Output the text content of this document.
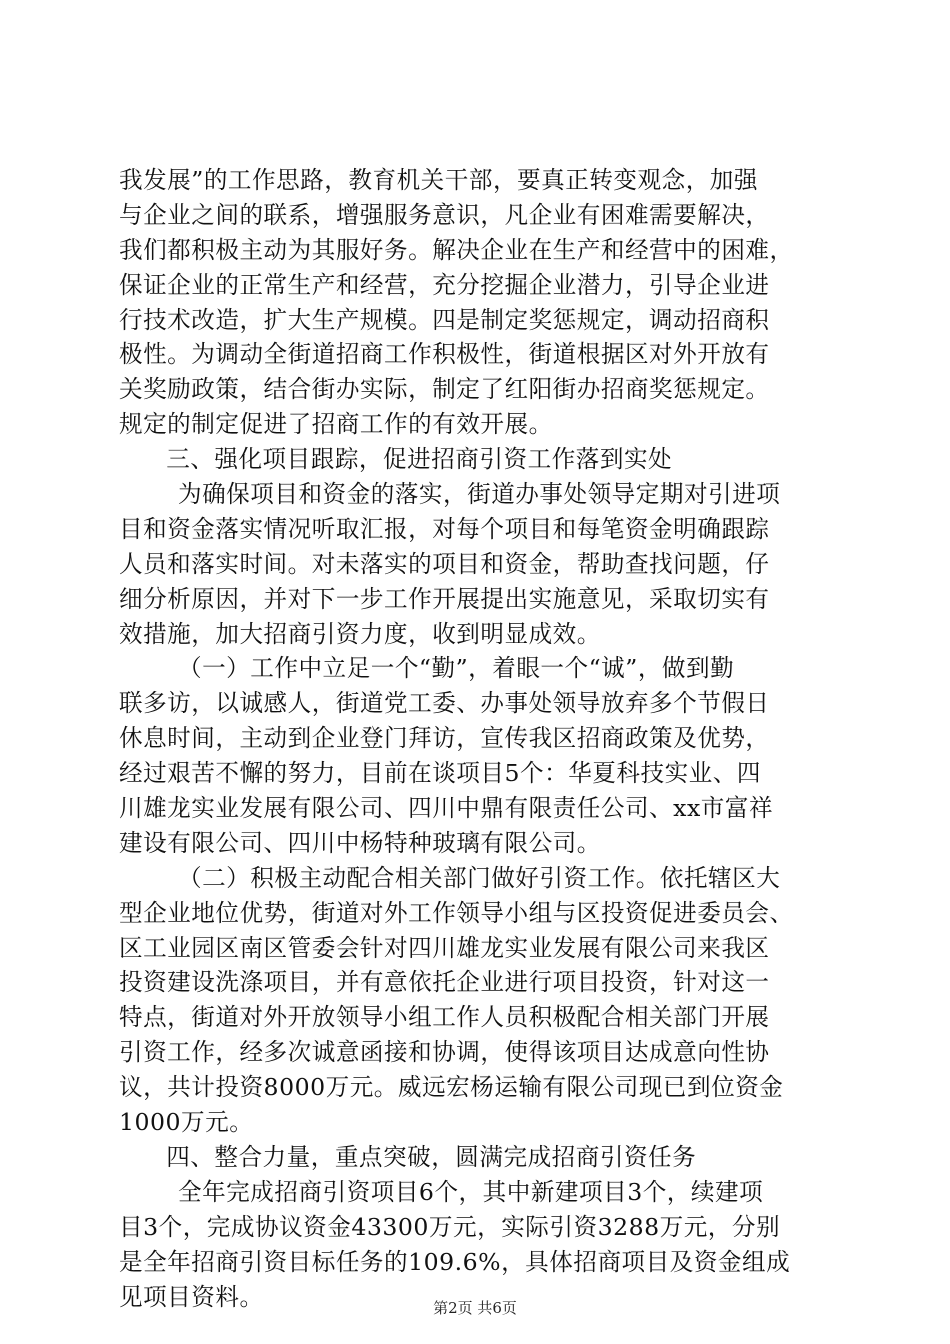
我发展”的工作思路，教育机关干部，要真正转变观念，加强
与企业之间的联系，增强服务意识，凡企业有困难需要解决，
我们都积极主动为其服好务。解决企业在生产和经营中的困难，
保证企业的正常生产和经营，充分挖掘企业潜力，引导企业进
行技术改造，扩大生产规模。四是制定奖惩规定，调动招商积
极性。为调动全街道招商工作积极性，街道根据区对外开放有
关奖励政策，结合街办实际，制定了红阳街办招商奖惩规定。
规定的制定促进了招商工作的有效开展。
三、强化项目跟踪，促进招商引资工作落到实处
为确保项目和资金的落实，街道办事处领导定期对引进项
目和资金落实情况听取汇报，对每个项目和每笔资金明确跟踪
人员和落实时间。对未落实的项目和资金，帮助查找问题，仔
细分析原因，并对下一步工作开展提出实施意见，采取切实有
效措施，加大招商引资力度，收到明显成效。
（一）工作中立足一个“勤”，着眼一个“诚”，做到勤
联多访，以诚感人，街道党工委、办事处领导放弃多个节假日
休息时间，主动到企业登门拜访，宣传我区招商政策及优势，
经过艰苦不懈的努力，目前在谈项目5个：华夏科技实业、四
川雄龙实业发展有限公司、四川中鼎有限责任公司、xx市富祥
建设有限公司、四川中杨特种玻璃有限公司。
（二）积极主动配合相关部门做好引资工作。依托辖区大
型企业地位优势，街道对外工作领导小组与区投资促进委员会、
区工业园区南区管委会针对四川雄龙实业发展有限公司来我区
投资建设洗涤项目，并有意依托企业进行项目投资，针对这一
特点，街道对外开放领导小组工作人员积极配合相关部门开展
引资工作，经多次诚意函接和协调，使得该项目达成意向性协
议，共计投资8000万元。威远宏杨运输有限公司现已到位资金
1000万元。
四、整合力量，重点突破，圆满完成招商引资任务
全年完成招商引资项目6个，其中新建项目3个，续建项
目3个，完成协议资金43300万元，实际引资3288万元，分别
是全年招商引资目标任务的109.6%，具体招商项目及资金组成
见项目资料。	第2页 共6页
